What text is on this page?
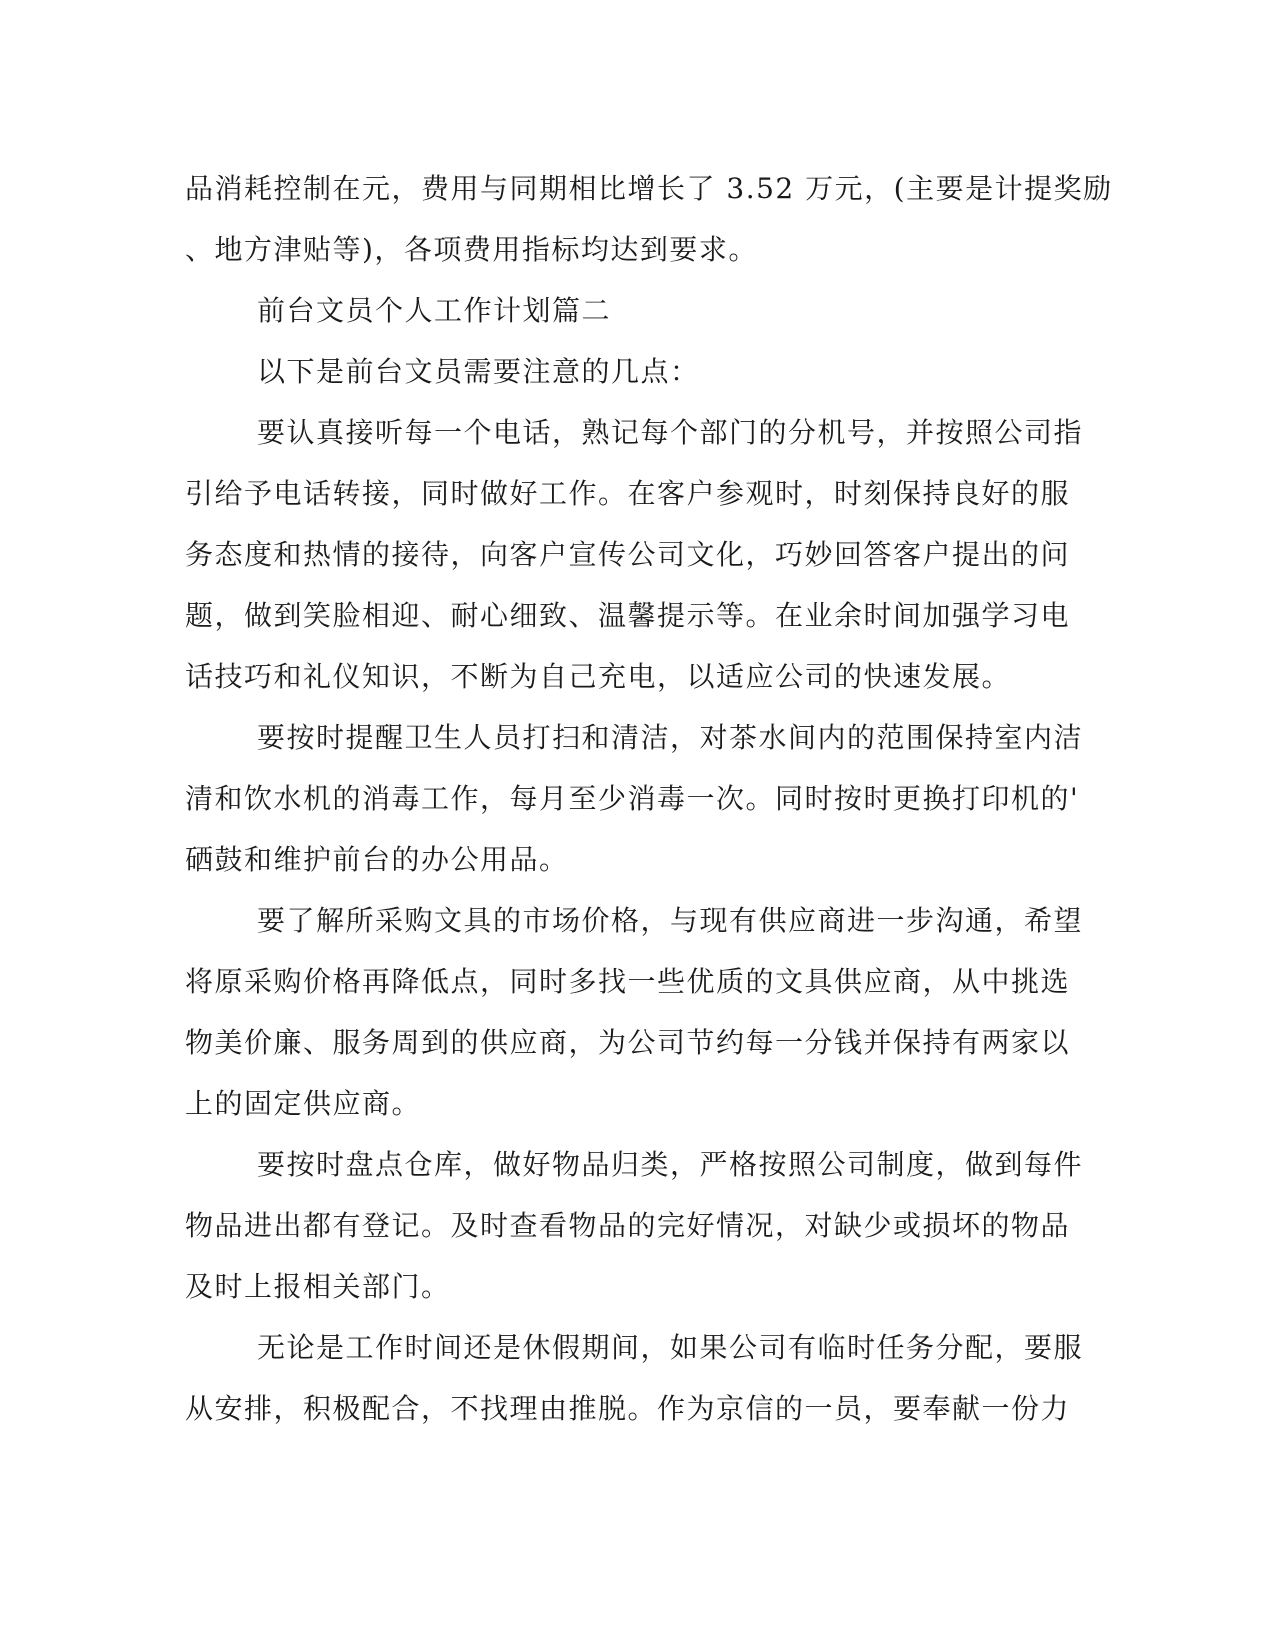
品消耗控制在元，费用与同期相比增长了 3.52 万元，(主要是计提奖励
、地方津贴等)，各项费用指标均达到要求。

前台文员个人工作计划篇二

以下是前台文员需要注意的几点：

要认真接听每一个电话，熟记每个部门的分机号，并按照公司指
引给予电话转接，同时做好工作。在客户参观时，时刻保持良好的服
务态度和热情的接待，向客户宣传公司文化，巧妙回答客户提出的问
题，做到笑脸相迎、耐心细致、温馨提示等。在业余时间加强学习电
话技巧和礼仪知识，不断为自己充电，以适应公司的快速发展。

要按时提醒卫生人员打扫和清洁，对茶水间内的范围保持室内洁
清和饮水机的消毒工作，每月至少消毒一次。同时按时更换打印机的'
硒鼓和维护前台的办公用品。

要了解所采购文具的市场价格，与现有供应商进一步沟通，希望
将原采购价格再降低点，同时多找一些优质的文具供应商，从中挑选
物美价廉、服务周到的供应商，为公司节约每一分钱并保持有两家以
上的固定供应商。

要按时盘点仓库，做好物品归类，严格按照公司制度，做到每件
物品进出都有登记。及时查看物品的完好情况，对缺少或损坏的物品
及时上报相关部门。

无论是工作时间还是休假期间，如果公司有临时任务分配，要服
从安排，积极配合，不找理由推脱。作为京信的一员，要奉献一份力
